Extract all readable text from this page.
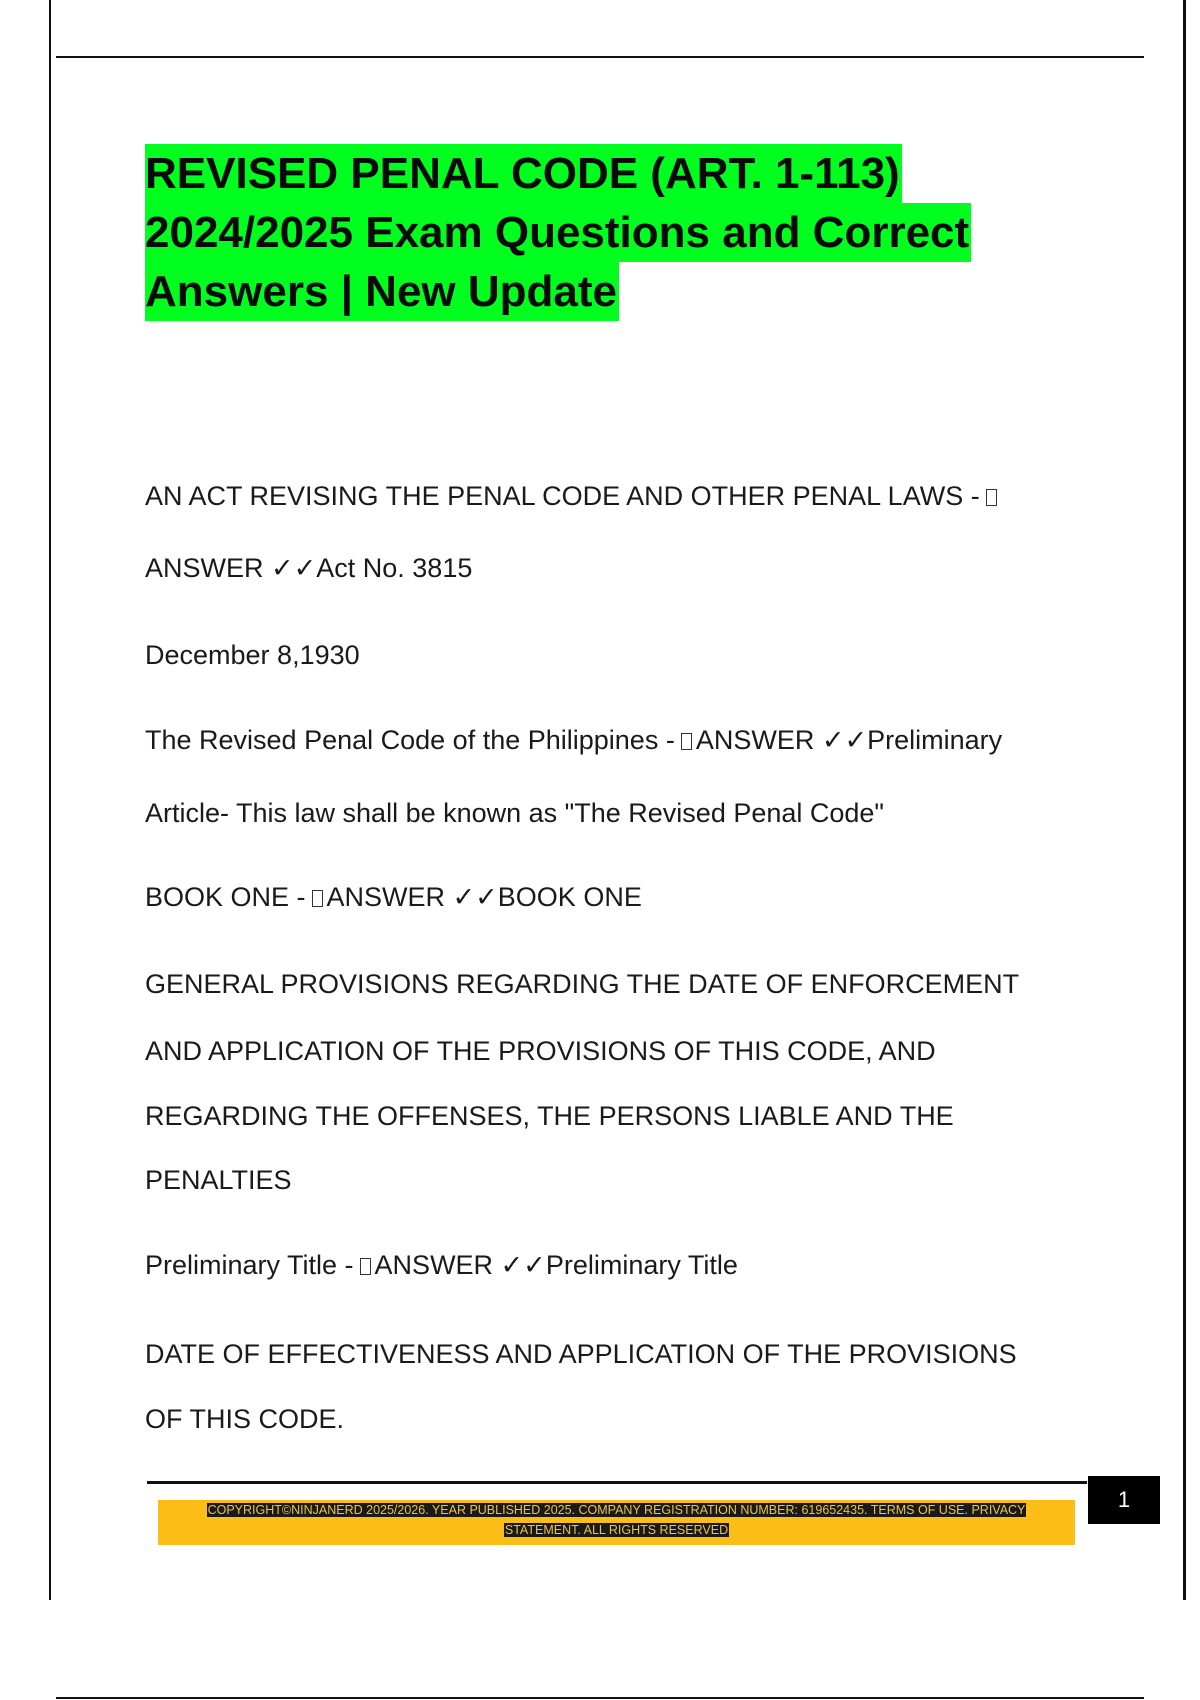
REVISED PENAL CODE (ART. 1-113)
2024/2025 Exam Questions and Correct
Answers | New Update

AN ACT REVISING THE PENAL CODE AND OTHER PENAL LAWS -

ANSWER ✓✓Act No. 3815

December 8,1930

The Revised Penal Code of the Philippines - ANSWER ✓✓Preliminary

Article- This law shall be known as "The Revised Penal Code"

BOOK ONE - ANSWER ✓✓BOOK ONE

GENERAL PROVISIONS REGARDING THE DATE OF ENFORCEMENT

AND APPLICATION OF THE PROVISIONS OF THIS CODE, AND

REGARDING THE OFFENSES, THE PERSONS LIABLE AND THE

PENALTIES

Preliminary Title - ANSWER ✓✓Preliminary Title

DATE OF EFFECTIVENESS AND APPLICATION OF THE PROVISIONS

OF THIS CODE.

COPYRIGHT©NINJANERD 2025/2026. YEAR PUBLISHED 2025. COMPANY REGISTRATION NUMBER: 619652435. TERMS OF USE. PRIVACY
STATEMENT. ALL RIGHTS RESERVED
1
